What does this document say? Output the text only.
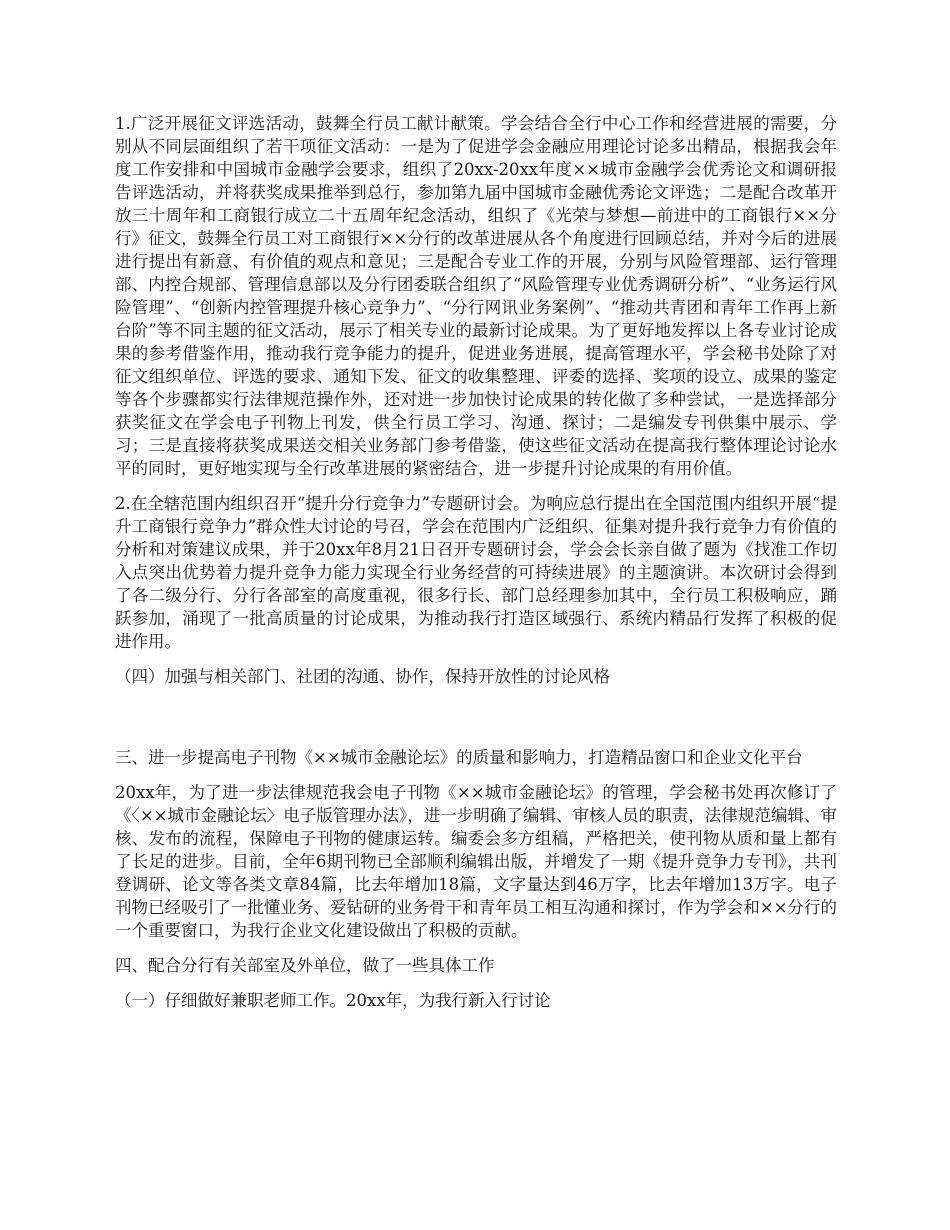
1.广泛开展征文评选活动，鼓舞全行员工献计献策。学会结合全行中心工作和经营进展的需要，分别从不同层面组织了若干项征文活动：一是为了促进学会金融应用理论讨论多出精品，根据我会年度工作安排和中国城市金融学会要求，组织了20xx-20xx年度××城市金融学会优秀论文和调研报告评选活动，并将获奖成果推举到总行，参加第九届中国城市金融优秀论文评选；二是配合改革开放三十周年和工商银行成立二十五周年纪念活动，组织了《光荣与梦想—前进中的工商银行××分行》征文，鼓舞全行员工对工商银行××分行的改革进展从各个角度进行回顾总结，并对今后的进展进行提出有新意、有价值的观点和意见；三是配合专业工作的开展，分别与风险管理部、运行管理部、内控合规部、管理信息部以及分行团委联合组织了“风险管理专业优秀调研分析”、“业务运行风险管理”、“创新内控管理提升核心竞争力”、“分行网讯业务案例”、“推动共青团和青年工作再上新台阶”等不同主题的征文活动，展示了相关专业的最新讨论成果。为了更好地发挥以上各专业讨论成果的参考借鉴作用，推动我行竞争能力的提升，促进业务进展，提高管理水平，学会秘书处除了对征文组织单位、评选的要求、通知下发、征文的收集整理、评委的选择、奖项的设立、成果的鉴定等各个步骤都实行法律规范操作外，还对进一步加快讨论成果的转化做了多种尝试，一是选择部分获奖征文在学会电子刊物上刊发，供全行员工学习、沟通、探讨；二是编发专刊供集中展示、学习；三是直接将获奖成果送交相关业务部门参考借鉴，使这些征文活动在提高我行整体理论讨论水平的同时，更好地实现与全行改革进展的紧密结合，进一步提升讨论成果的有用价值。

2.在全辖范围内组织召开“提升分行竞争力”专题研讨会。为响应总行提出在全国范围内组织开展“提升工商银行竞争力”群众性大讨论的号召，学会在范围内广泛组织、征集对提升我行竞争力有价值的分析和对策建议成果，并于20xx年8月21日召开专题研讨会，学会会长亲自做了题为《找准工作切入点突出优势着力提升竞争力能力实现全行业务经营的可持续进展》的主题演讲。本次研讨会得到了各二级分行、分行各部室的高度重视，很多行长、部门总经理参加其中，全行员工积极响应，踊跃参加，涌现了一批高质量的讨论成果，为推动我行打造区域强行、系统内精品行发挥了积极的促进作用。

（四）加强与相关部门、社团的沟通、协作，保持开放性的讨论风格

三、进一步提高电子刊物《××城市金融论坛》的质量和影响力，打造精品窗口和企业文化平台

20xx年，为了进一步法律规范我会电子刊物《××城市金融论坛》的管理，学会秘书处再次修订了《〈××城市金融论坛〉电子版管理办法》，进一步明确了编辑、审核人员的职责，法律规范编辑、审核、发布的流程，保障电子刊物的健康运转。编委会多方组稿，严格把关，使刊物从质和量上都有了长足的进步。目前，全年6期刊物已全部顺利编辑出版，并增发了一期《提升竞争力专刊》，共刊登调研、论文等各类文章84篇，比去年增加18篇，文字量达到46万字，比去年增加13万字。电子刊物已经吸引了一批懂业务、爱钻研的业务骨干和青年员工相互沟通和探讨，作为学会和××分行的一个重要窗口，为我行企业文化建设做出了积极的贡献。

四、配合分行有关部室及外单位，做了一些具体工作

（一）仔细做好兼职老师工作。20xx年，为我行新入行讨论
